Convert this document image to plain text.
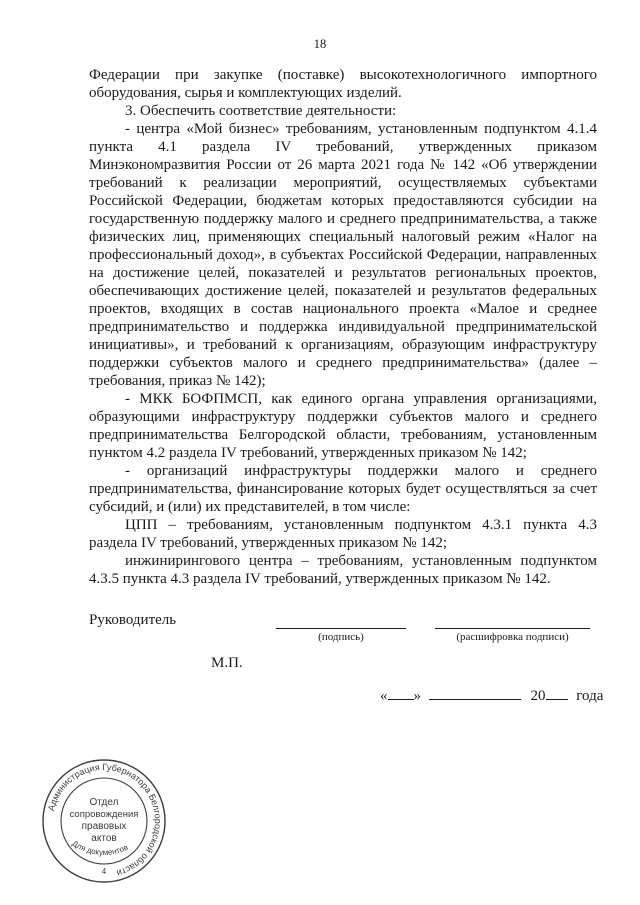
18

Федерации при закупке (поставке) высокотехнологичного импортного оборудования, сырья и комплектующих изделий.

3. Обеспечить соответствие деятельности:

- центра «Мой бизнес» требованиям, установленным подпунктом 4.1.4 пункта 4.1 раздела IV требований, утвержденных приказом Минэкономразвития России от 26 марта 2021 года № 142 «Об утверждении требований к реализации мероприятий, осуществляемых субъектами Российской Федерации, бюджетам которых предоставляются субсидии на государственную поддержку малого и среднего предпринимательства, а также физических лиц, применяющих специальный налоговый режим «Налог на профессиональный доход», в субъектах Российской Федерации, направленных на достижение целей, показателей и результатов региональных проектов, обеспечивающих достижение целей, показателей и результатов федеральных проектов, входящих в состав национального проекта «Малое и среднее предпринимательство и поддержка индивидуальной предпринимательской инициативы», и требований к организациям, образующим инфраструктуру поддержки субъектов малого и среднего предпринимательства» (далее – требования, приказ № 142);

- МКК БОФПМСП, как единого органа управления организациями, образующими инфраструктуру поддержки субъектов малого и среднего предпринимательства Белгородской области, требованиям, установленным пунктом 4.2 раздела IV требований, утвержденных приказом № 142;

- организаций инфраструктуры поддержки малого и среднего предпринимательства, финансирование которых будет осуществляться за счет субсидий, и (или) их представителей, в том числе:

ЦПП – требованиям, установленным подпунктом 4.3.1 пункта 4.3 раздела IV требований, утвержденных приказом № 142;

инжинирингового центра – требованиям, установленным подпунктом 4.3.5 пункта 4.3 раздела IV требований, утвержденных приказом № 142.

Руководитель
(подпись)	(расшифровка подписи)
М.П.
« »	20 года
Администрация Губернатора Белгородской области
Отдел
сопровождения
правовых
актов
Для документов
4
